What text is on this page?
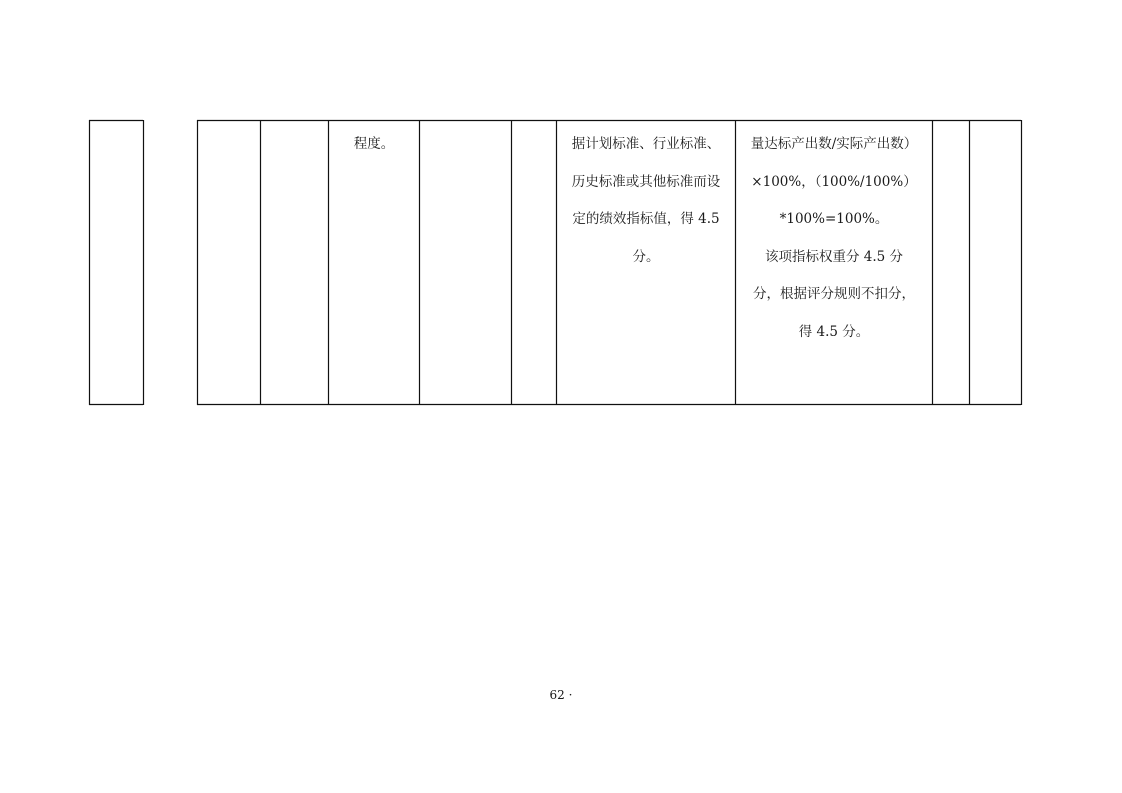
程度。	据计划标准、行业标准、

历史标准或其他标准而设

定的绩效指标值，得 4.5

分。

量达标产出数/实际产出数）

×100%，（100%/100%）

*100%=100%。

该项指标权重分 4.5 分

分，根据评分规则不扣分，

得 4.5 分。

62 ·
